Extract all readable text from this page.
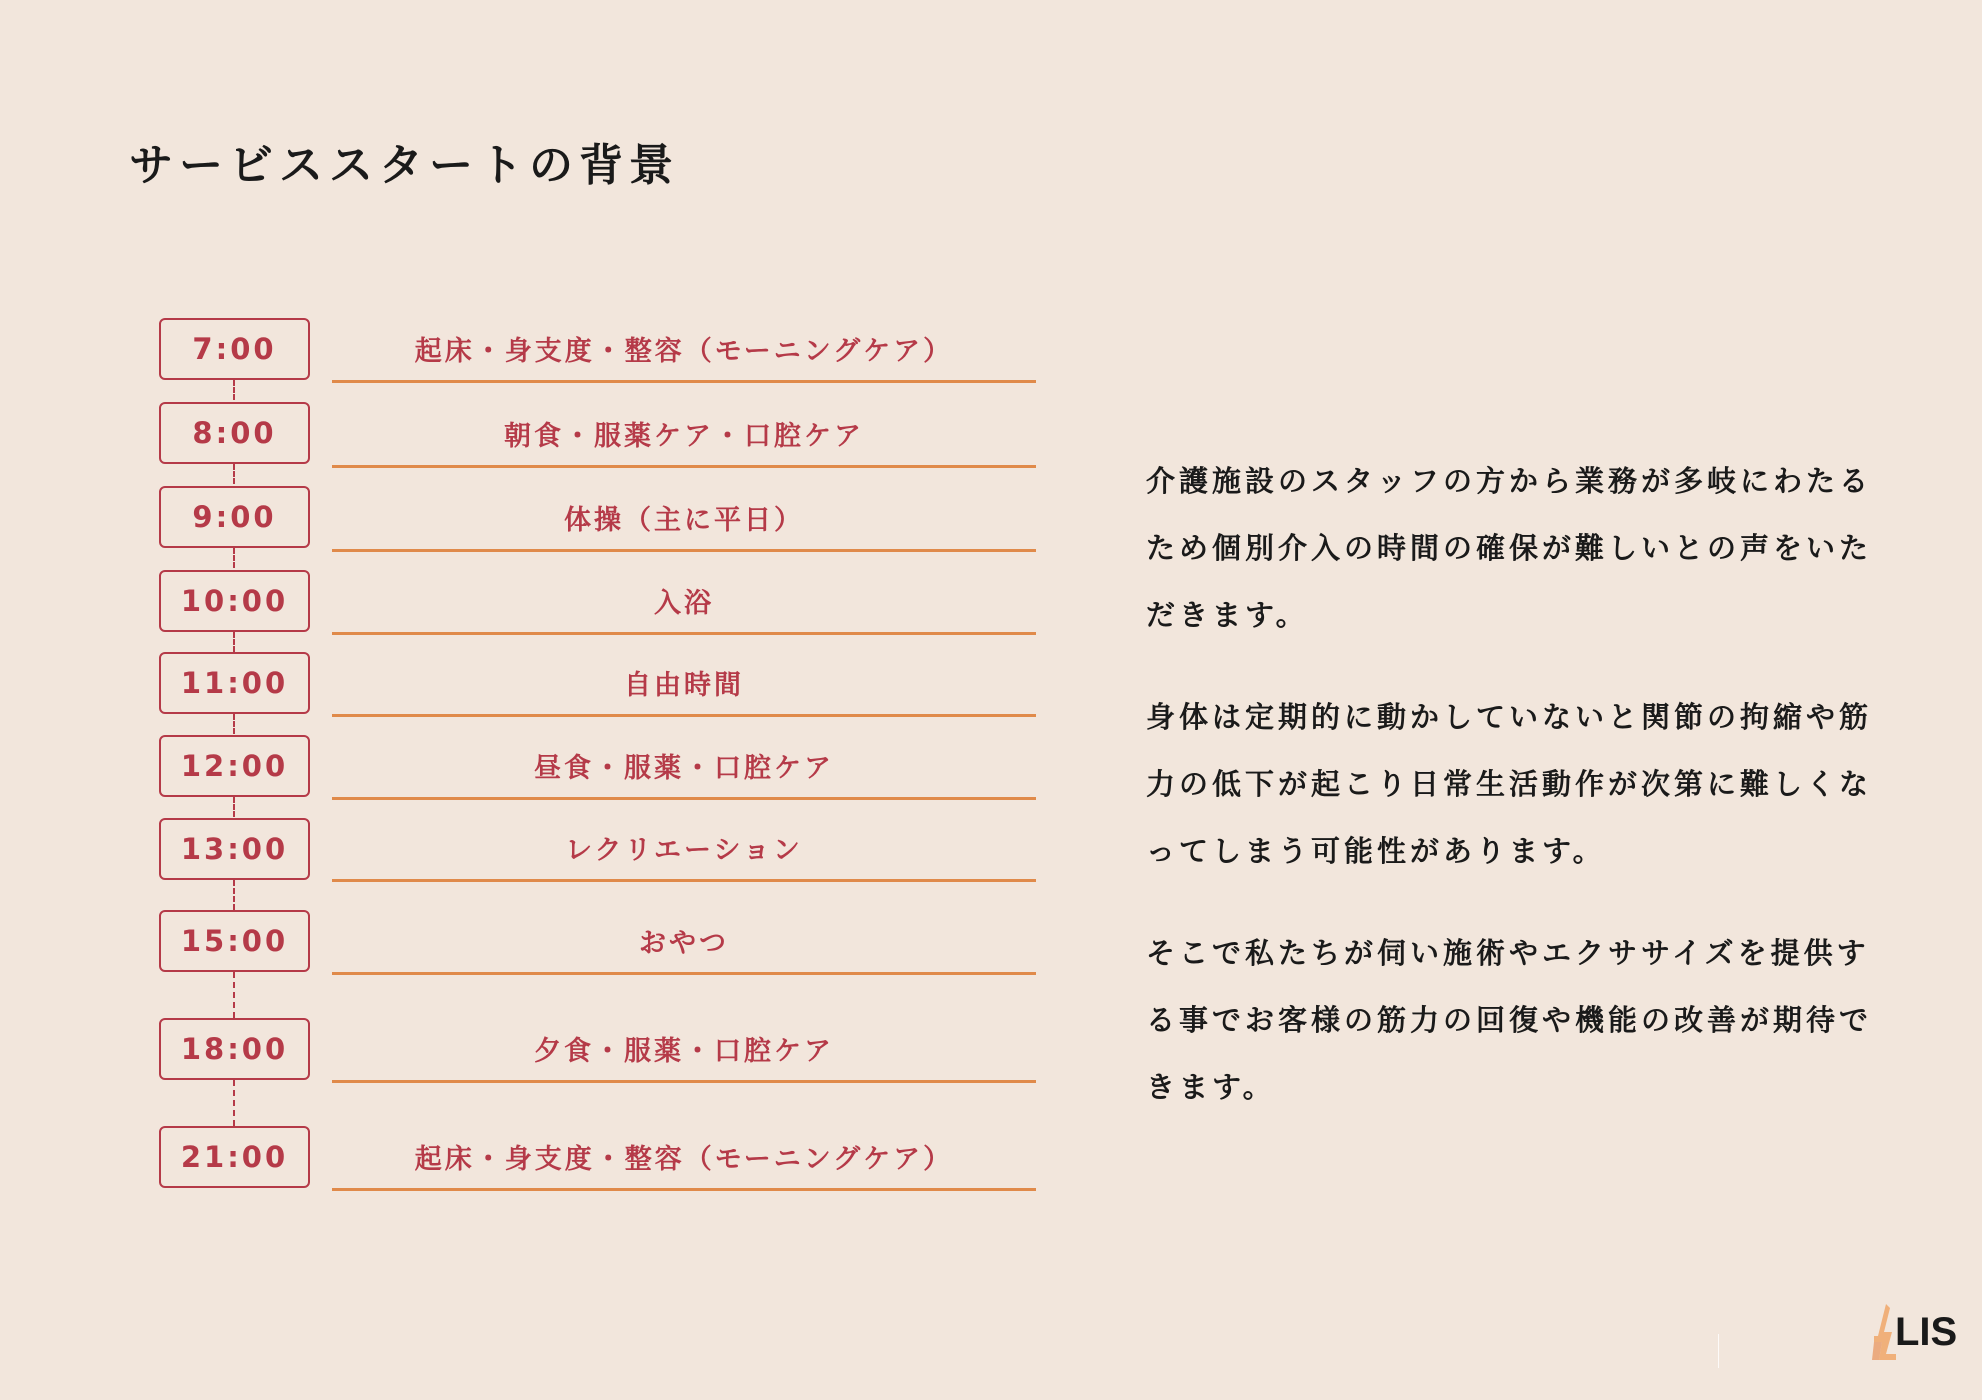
サービススタートの背景
7:00	起床・身支度・整容（モーニングケア）
8:00	朝食・服薬ケア・口腔ケア
9:00	体操（主に平日）
10:00	入浴
11:00	自由時間
12:00	昼食・服薬・口腔ケア
13:00	レクリエーション
15:00	おやつ
18:00	夕食・服薬・口腔ケア
21:00	起床・身支度・整容（モーニングケア）

介護施設のスタッフの方から業務が多岐にわたるため個別介入の時間の確保が難しいとの声をいただきます。

身体は定期的に動かしていないと関節の拘縮や筋力の低下が起こり日常生活動作が次第に難しくなってしまう可能性があります。

そこで私たちが伺い施術やエクササイズを提供する事でお客様の筋力の回復や機能の改善が期待できます。

LIS
